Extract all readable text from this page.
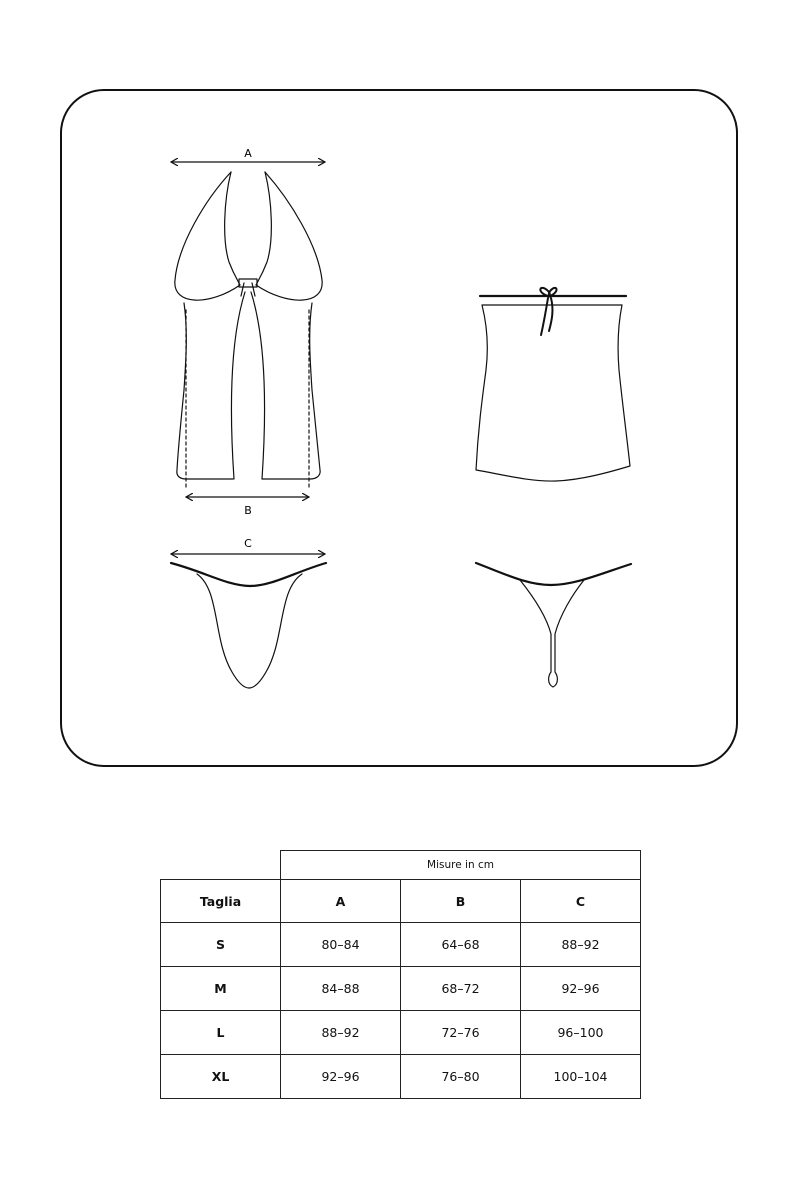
A
B
C
	Misure in cm		
Taglia	A	B	C
S	80–84	64–68	88–92
M	84–88	68–72	92–96
L	88–92	72–76	96–100
XL	92–96	76–80	100–104
